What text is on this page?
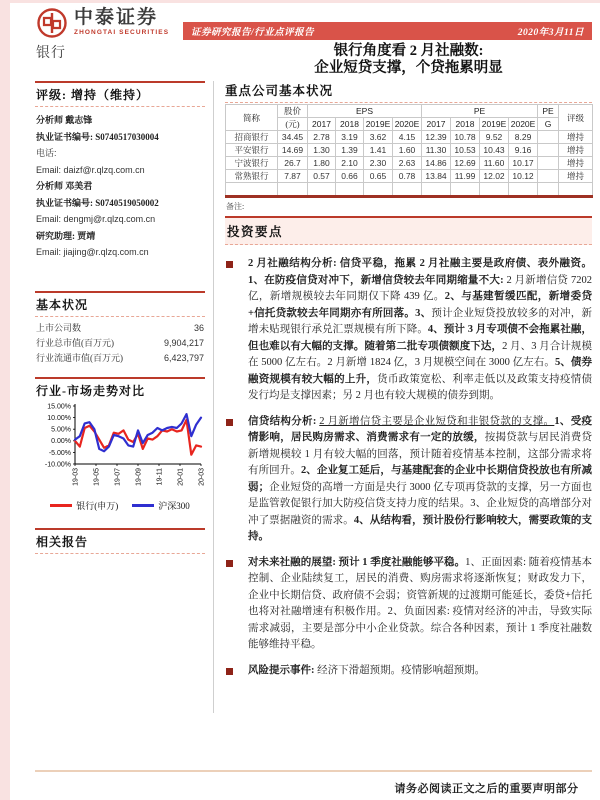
中泰证券
ZHONGTAI SECURITIES
银行
证券研究报告/行业点评报告	2020年3月11日
银行角度看 2 月社融数:
企业短贷支撑，个贷拖累明显
评级: 增持（维持）
分析师 戴志锋
执业证书编号: S0740517030004
电话:
Email: daizf@r.qlzq.com.cn
分析师 邓美君
执业证书编号: S0740519050002
Email: dengmj@r.qlzq.com.cn
研究助理: 贾靖
Email: jiajing@r.qlzq.com.cn
基本状况
上市公司数	36
行业总市值(百万元)	9,904,217
行业流通市值(百万元)	6,423,797
行业-市场走势对比
15.00%
10.00%
5.00%
0.00%
-5.00%
-10.00%
19-03 19-05 19-07 19-09 19-11 20-01 20-03
银行(申万)	沪深300
相关报告
重点公司基本状况
简称	股价	EPS				PE				PE	评级
	(元)	2017	2018	2019E	2020E	2017	2018	2019E	2020E	G	
招商银行	34.45	2.78	3.19	3.62	4.15	12.39	10.78	9.52	8.29		增持
平安银行	14.69	1.30	1.39	1.41	1.60	11.30	10.53	10.43	9.16		增持
宁波银行	26.7	1.80	2.10	2.30	2.63	14.86	12.69	11.60	10.17		增持
常熟银行	7.87	0.57	0.66	0.65	0.78	13.84	11.99	12.02	10.12		增持

备注:
投资要点
2 月社融结构分析: 信贷平稳，拖累 2 月社融主要是政府债、表外融资。1、在防疫信贷对冲下，新增信贷较去年同期缩量不大: 2 月新增信贷 7202 亿，新增规模较去年同期仅下降 439 亿。2、与基建暂缓匹配，新增委贷+信托贷款较去年同期亦有所回落。3、预计企业短贷投放较多的对冲，新增未贴现银行承兑汇票规模有所下降。4、预计 3 月专项债不会拖累社融，但也难以有大幅的支撑。随着第二批专项债额度下达，2 月、3 月合计规模在 5000 亿左右。2 月新增 1824 亿，3 月规模空间在 3000 亿左右。5、债券融资规模有较大幅的上升，货币政策宽松、利率走低以及政策支持疫情债发行均是支撑因素；另 2 月也有较大规模的债券到期。
信贷结构分析: 2 月新增信贷主要是企业短贷和非银贷款的支撑。1、受疫情影响，居民购房需求、消费需求有一定的放缓，按揭贷款与居民消费贷新增规模较 1 月有较大幅的回落，预计随着疫情基本控制，这部分需求将有所回升。2、企业复工延后，与基建配套的企业中长期信贷投放也有所减弱；企业短贷的高增一方面是央行 3000 亿专项再贷款的支撑，另一方面也是监管敦促银行加大防疫信贷支持力度的结果。3、企业短贷的高增部分对冲了票据融资的需求。4、从结构看，预计股份行影响较大，需要政策的支持。
对未来社融的展望: 预计 1 季度社融能够平稳。1、正面因素: 随着疫情基本控制、企业陆续复工，居民的消费、购房需求将逐渐恢复；财政发力下，企业中长期信贷、政府债不会弱；资管新规的过渡期可能延长，委贷+信托也将对社融增速有积极作用。2、负面因素: 疫情对经济的冲击，导致实际需求减弱，主要是部分中小企业贷款。综合各种因素，预计 1 季度社融数能够维持平稳。
风险提示事件: 经济下滑超预期。疫情影响超预期。
请务必阅读正文之后的重要声明部分
